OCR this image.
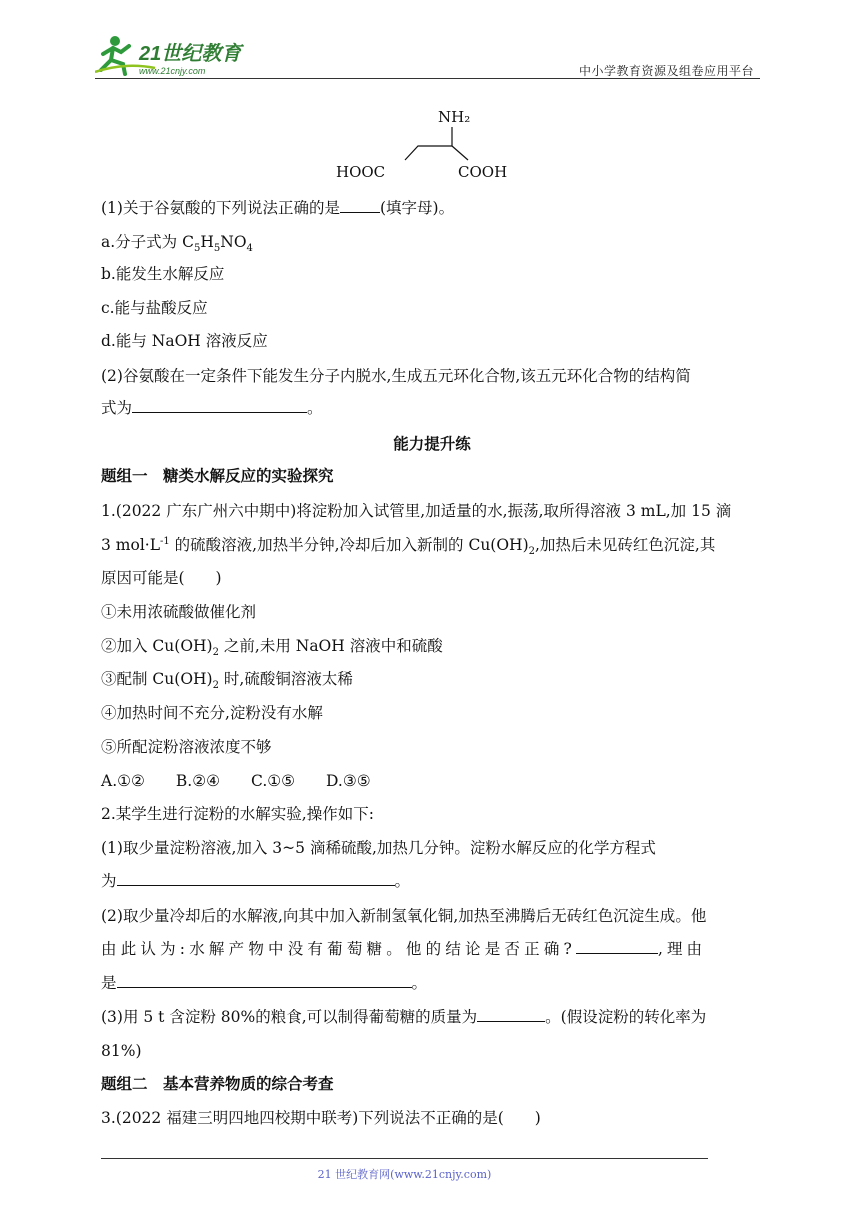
21世纪教育
www.21cnjy.com	中小学教育资源及组卷应用平台
NH₂
HOOC	COOH
(1)关于谷氨酸的下列说法正确的是	(填字母)。
a.分子式为 $C_5H_5NO_4$
b.能发生水解反应
c.能与盐酸反应
d.能与 NaOH 溶液反应
(2)谷氨酸在一定条件下能发生分子内脱水,生成五元环化合物,该五元环化合物的结构简
式为	。
能力提升练
题组一　糖类水解反应的实验探究
1.(2022 广东广州六中期中)将淀粉加入试管里,加适量的水,振荡,取所得溶液 3 mL,加 15 滴
3 $mol\cdot L^{-1}$ 的硫酸溶液,加热半分钟,冷却后加入新制的 $Cu(OH)_2$,加热后未见砖红色沉淀,其
原因可能是(　　)
①未用浓硫酸做催化剂
②加入 $Cu(OH)_2$ 之前,未用 NaOH 溶液中和硫酸
③配制 $Cu(OH)_2$ 时,硫酸铜溶液太稀
④加热时间不充分,淀粉没有水解
⑤所配淀粉溶液浓度不够
A.①②　　B.②④　　C.①⑤　　D.③⑤
2.某学生进行淀粉的水解实验,操作如下:
(1)取少量淀粉溶液,加入 3~5 滴稀硫酸,加热几分钟。淀粉水解反应的化学方程式
为	。
(2)取少量冷却后的水解液,向其中加入新制氢氧化铜,加热至沸腾后无砖红色沉淀生成。他
由此认为:水解产物中没有葡萄糖。他的结论是否正确?	,理由
是	。
(3)用 5 t 含淀粉 80%的粮食,可以制得葡萄糖的质量为	。(假设淀粉的转化率为
81%)
题组二　基本营养物质的综合考查
3.(2022 福建三明四地四校期中联考)下列说法不正确的是(　　)
21 世纪教育网(www.21cnjy.com)
